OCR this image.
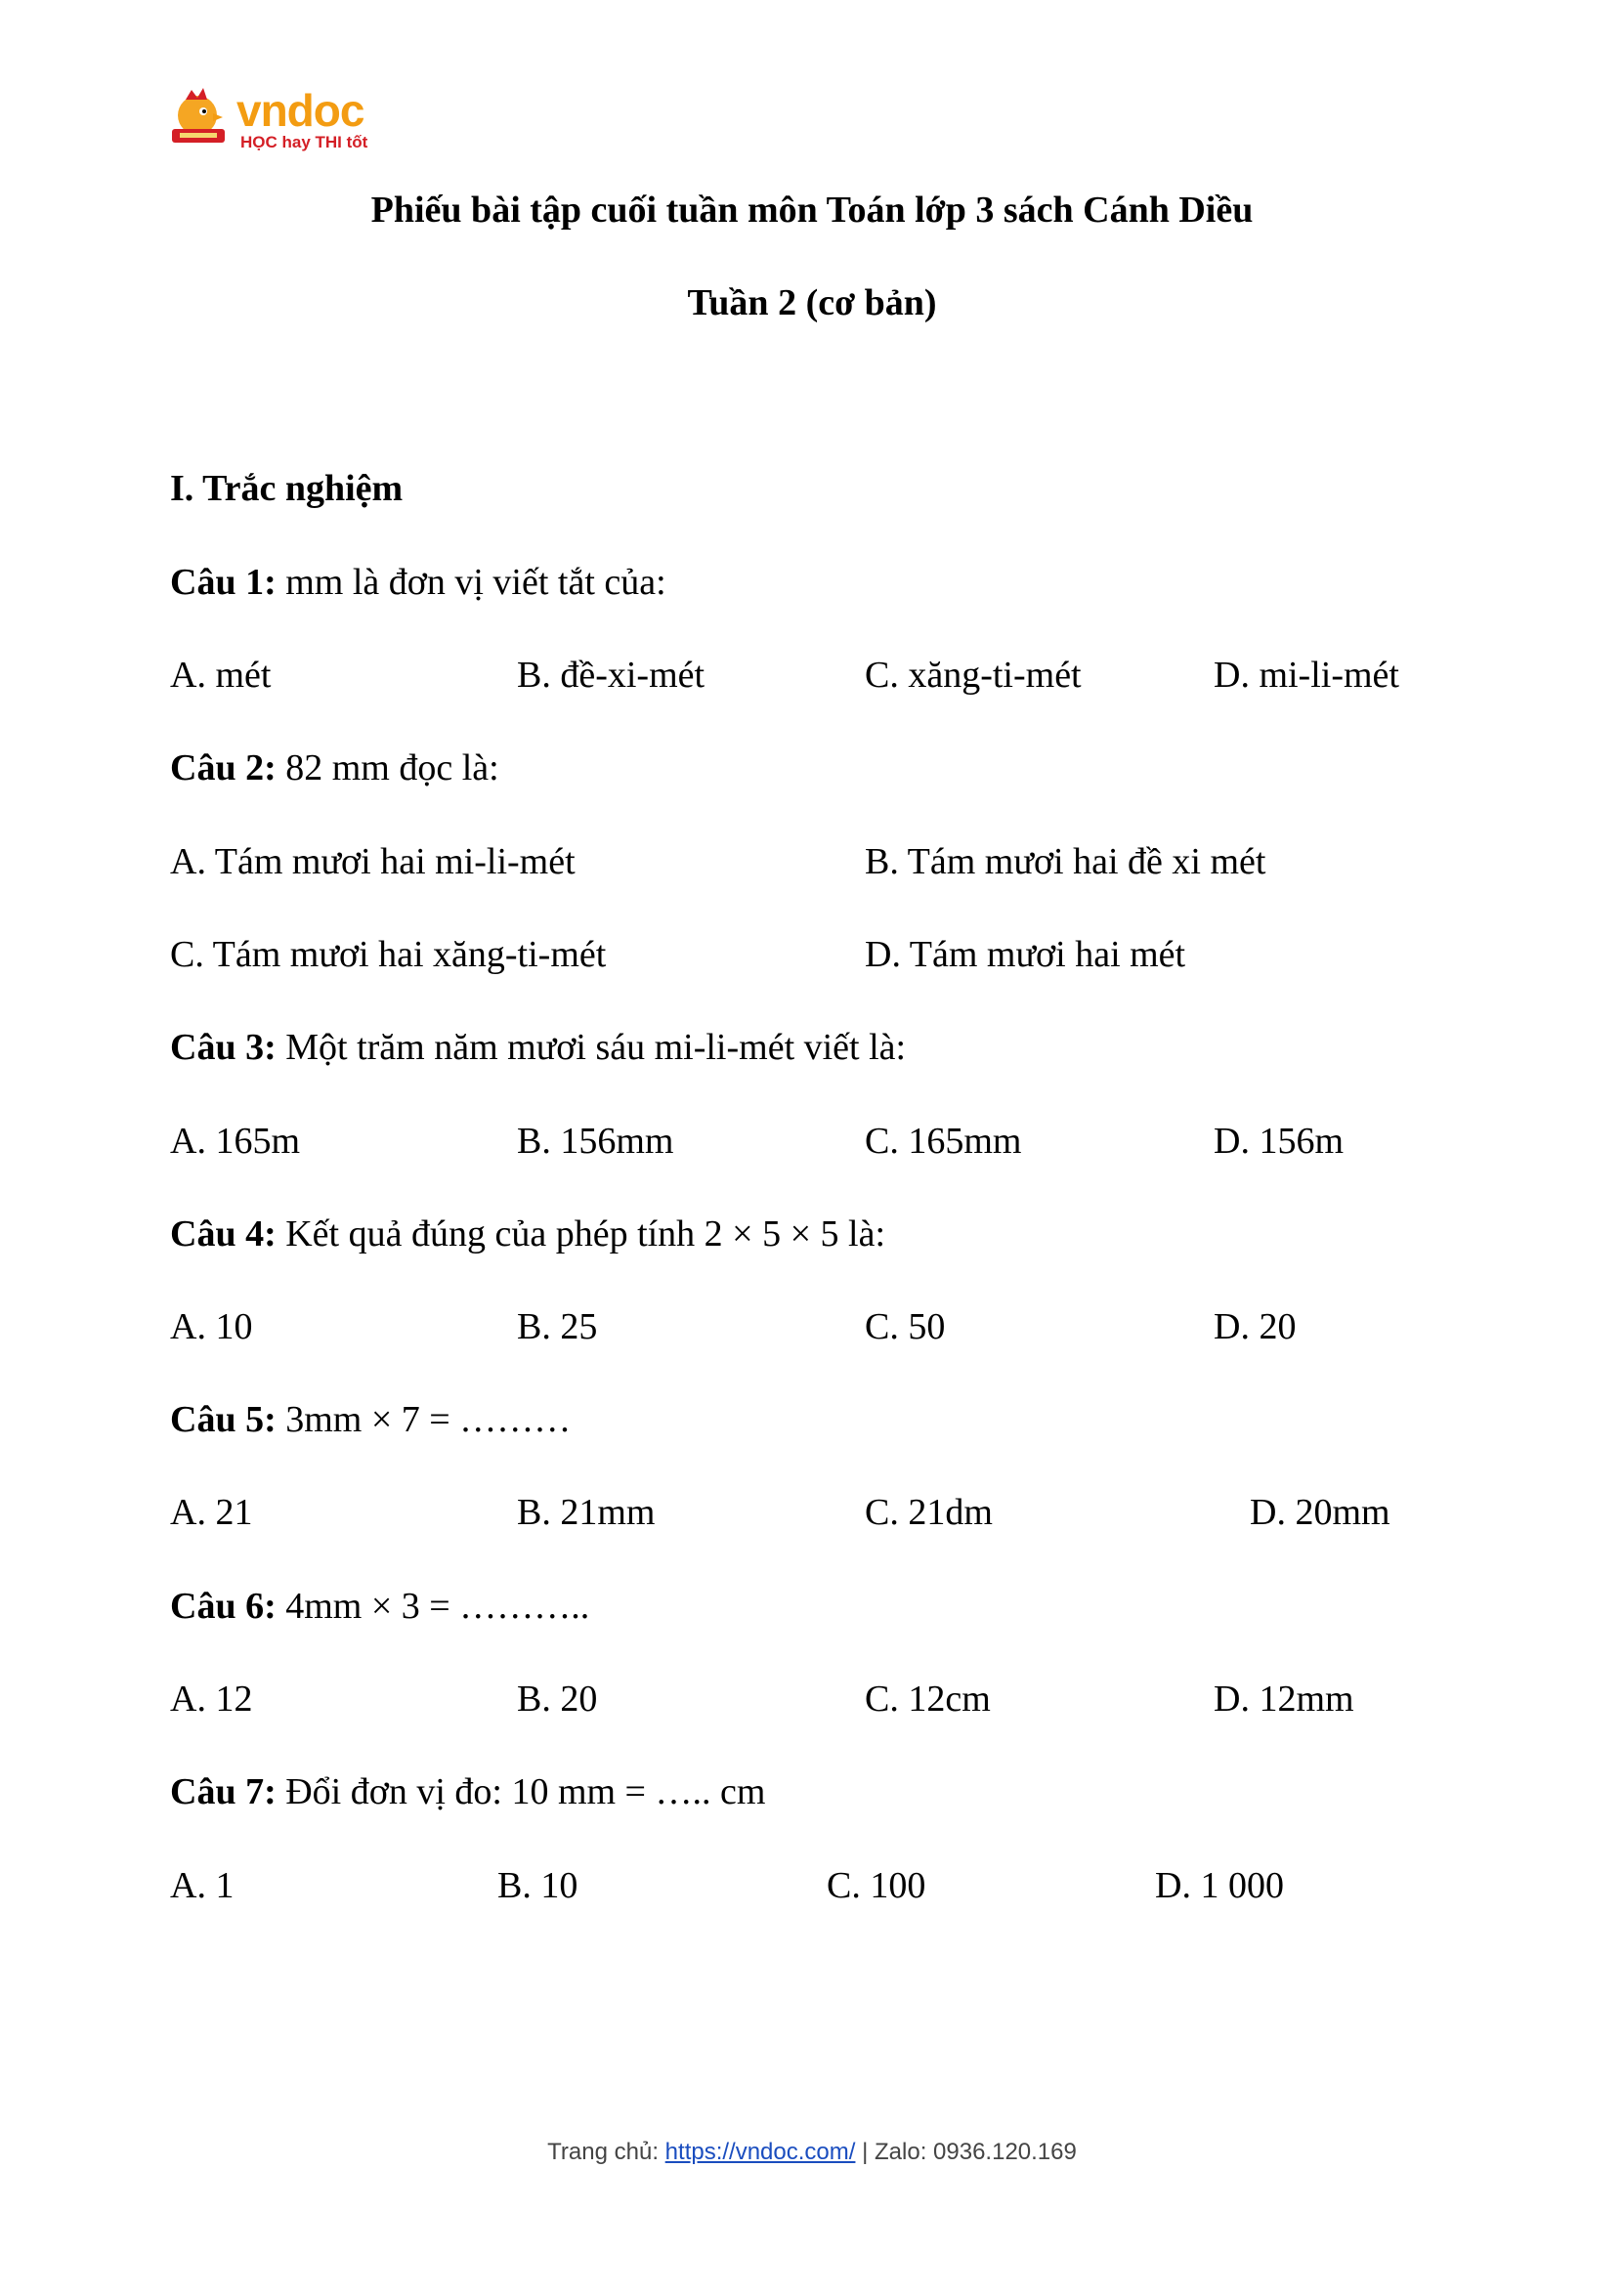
vndoc
HỌC hay THI tốt
Phiếu bài tập cuối tuần môn Toán lớp 3 sách Cánh Diều
Tuần 2 (cơ bản)
I. Trắc nghiệm
Câu 1: mm là đơn vị viết tắt của:
A. mét	B. đề-xi-mét	C. xăng-ti-mét	D. mi-li-mét
Câu 2: 82 mm đọc là:
A. Tám mươi hai mi-li-mét	B. Tám mươi hai đề xi mét
C. Tám mươi hai xăng-ti-mét	D. Tám mươi hai mét
Câu 3: Một trăm năm mươi sáu mi-li-mét viết là:
A. 165m	B. 156mm	C. 165mm	D. 156m
Câu 4: Kết quả đúng của phép tính 2 × 5 × 5 là:
A. 10	B. 25	C. 50	D. 20
Câu 5: 3mm × 7 = ………
A. 21	B. 21mm	C. 21dm	D. 20mm
Câu 6: 4mm × 3 = ………..
A. 12	B. 20	C. 12cm	D. 12mm
Câu 7: Đổi đơn vị đo: 10 mm = ….. cm
A. 1	B. 10	C. 100	D. 1 000
Trang chủ: https://vndoc.com/ | Zalo: 0936.120.169
